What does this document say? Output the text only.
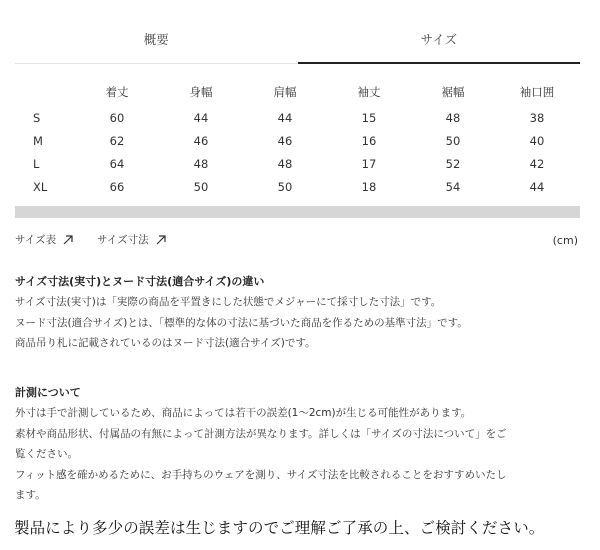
概要	サイズ
	着丈	身幅	肩幅	袖丈	裾幅	袖口囲
S	60	44	44	15	48	38
M	62	46	46	16	50	40
L	64	48	48	17	52	42
XL	66	50	50	18	54	44
サイズ表	サイズ寸法	(cm)
サイズ寸法(実寸)とヌード寸法(適合サイズ)の違い

サイズ寸法(実寸)は「実際の商品を平置きにした状態でメジャーにて採寸した寸法」です。

ヌード寸法(適合サイズ)とは、「標準的な体の寸法に基づいた商品を作るための基準寸法」です。

商品吊り札に記載されているのはヌード寸法(適合サイズ)です。

計測について

外寸は手で計測しているため、商品によっては若干の誤差(1〜2cm)が生じる可能性があります。

素材や商品形状、付属品の有無によって計測方法が異なります。詳しくは「サイズの寸法について」をご

覧ください。

フィット感を確かめるために、お手持ちのウェアを測り、サイズ寸法を比較されることをおすすめいたし

ます。

製品により多少の誤差は生じますのでご理解ご了承の上、ご検討ください。
